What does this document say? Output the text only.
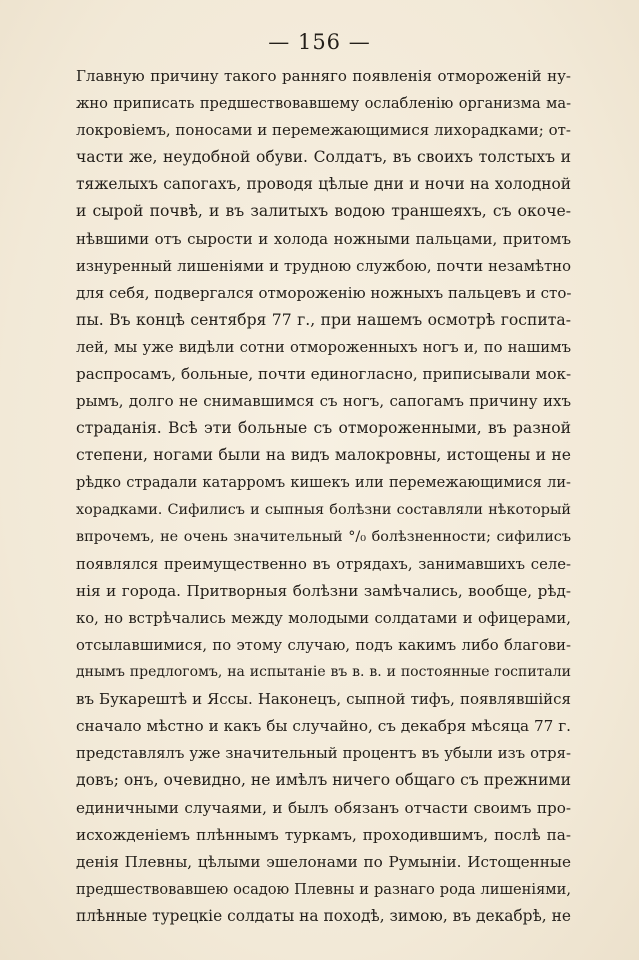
— 156 —
Главную причину такого ранняго появленія отмороженій ну-
жно приписать предшествовавшему ослабленію организма ма-
локровіемъ, поносами и перемежающимися лихорадками; от-
части же, неудобной обуви. Солдатъ, въ своихъ толстыхъ и
тяжелыхъ сапогахъ, проводя цѣлые дни и ночи на холодной
и сырой почвѣ, и въ залитыхъ водою траншеяхъ, съ окоче-
нѣвшими отъ сырости и холода ножными пальцами, притомъ
изнуренный лишеніями и трудною службою, почти незамѣтно
для себя, подвергался отмороженію ножныхъ пальцевъ и сто-
пы. Въ концѣ сентября 77 г., при нашемъ осмотрѣ госпита-
лей, мы уже видѣли сотни отмороженныхъ ногъ и, по нашимъ
распросамъ, больные, почти единогласно, приписывали мок-
рымъ, долго не снимавшимся съ ногъ, сапогамъ причину ихъ
страданія. Всѣ эти больные съ отмороженными, въ разной
степени, ногами были на видъ малокровны, истощены и не
рѣдко страдали катарромъ кишекъ или перемежающимися ли-
хорадками. Сифилисъ и сыпныя болѣзни составляли нѣкоторый
впрочемъ, не очень значительный °/₀ болѣзненности; сифилисъ
появлялся преимущественно въ отрядахъ, занимавшихъ селе-
нія и города. Притворныя болѣзни замѣчались, вообще, рѣд-
ко, но встрѣчались между молодыми солдатами и офицерами,
отсылавшимися, по этому случаю, подъ какимъ либо благови-
днымъ предлогомъ, на испытаніе въ в. в. и постоянные госпитали
въ Букарештѣ и Яссы. Наконецъ, сыпной тифъ, появлявшійся
сначало мѣстно и какъ бы случайно, съ декабря мѣсяца 77 г.
представлялъ уже значительный процентъ въ убыли изъ отря-
довъ; онъ, очевидно, не имѣлъ ничего общаго съ прежними
единичными случаями, и былъ обязанъ отчасти своимъ про-
исхожденіемъ плѣннымъ туркамъ, проходившимъ, послѣ па-
денія Плевны, цѣлыми эшелонами по Румыніи. Истощенные
предшествовавшею осадою Плевны и разнаго рода лишеніями,
плѣнные турецкіе солдаты на походѣ, зимою, въ декабрѣ, не
